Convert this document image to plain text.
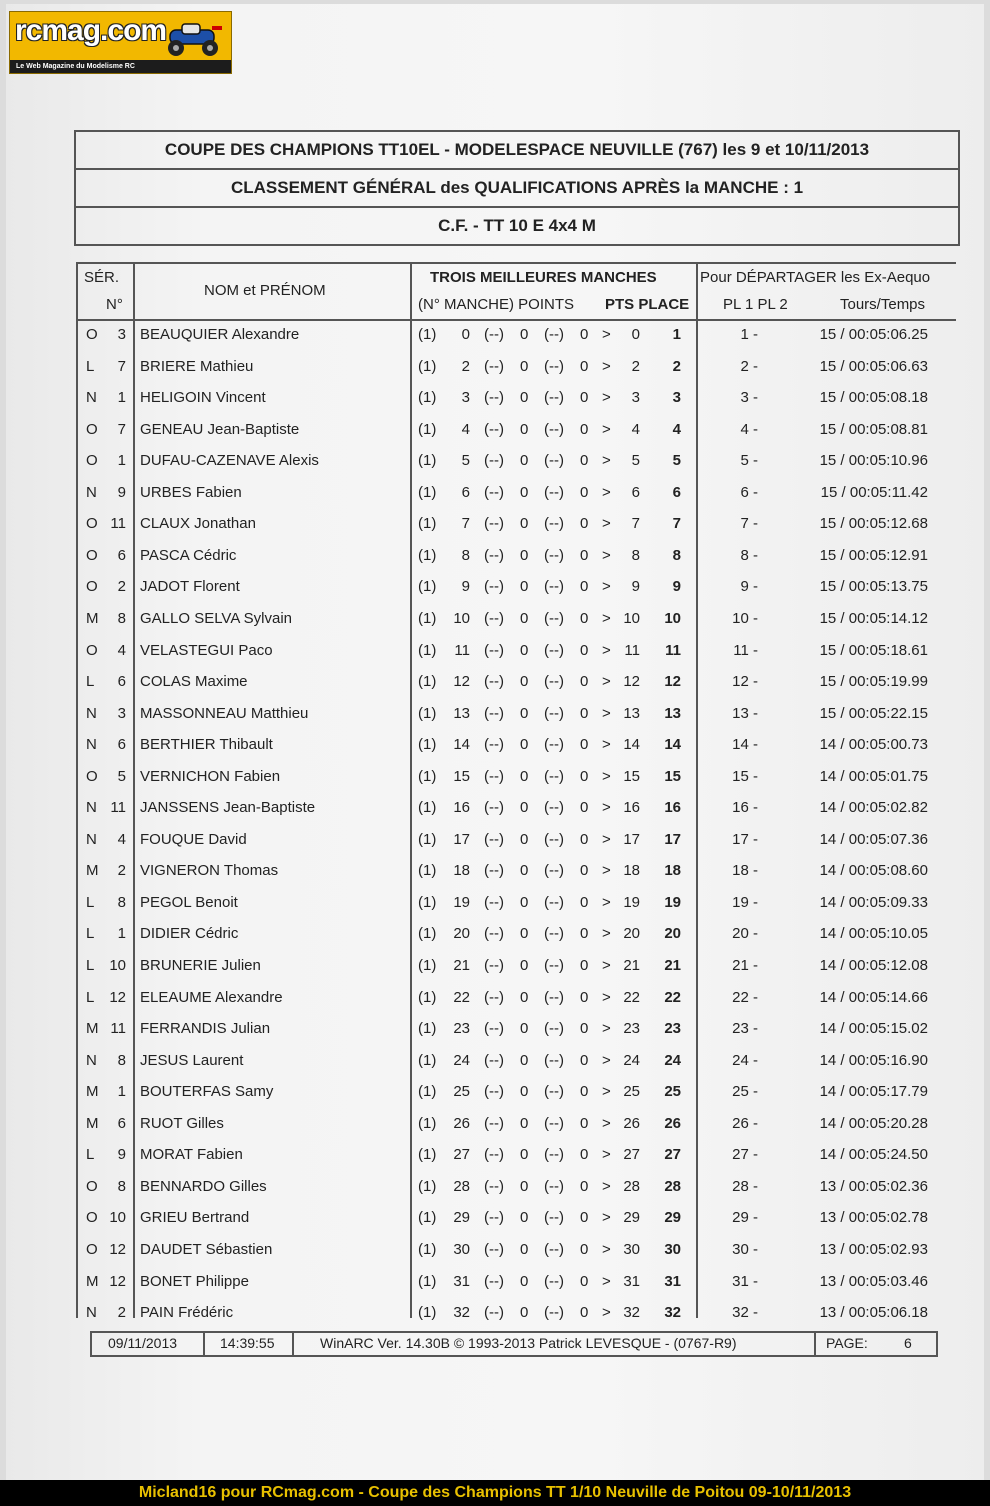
rcmag.com
Le Web Magazine du Modelisme RC
COUPE DES CHAMPIONS TT10EL - MODELESPACE NEUVILLE (767) les 9 et 10/11/2013
CLASSEMENT GÉNÉRAL des QUALIFICATIONS APRÈS la MANCHE : 1
C.F. - TT 10 E 4x4 M
SÉR.
N°
NOM et PRÉNOM
TROIS MEILLEURES MANCHES
(N° MANCHE) POINTS PTS PLACE
Pour DÉPARTAGER les Ex-Aequo
PL 1 PL 2	Tours/Temps
O	3 BEAUQUIER Alexandre	(1)	0 (--) 0 (--) 0 >	0	1	1 -	15 / 00:05:06.25
L	7 BRIERE Mathieu	(1)	2 (--) 0 (--) 0 >	2	2	2 -	15 / 00:05:06.63
N	1 HELIGOIN Vincent	(1)	3 (--) 0 (--) 0 >	3	3	3 -	15 / 00:05:08.18
O	7 GENEAU Jean-Baptiste	(1)	4 (--) 0 (--) 0 >	4	4	4 -	15 / 00:05:08.81
O	1 DUFAU-CAZENAVE Alexis	(1)	5 (--) 0 (--) 0 >	5	5	5 -	15 / 00:05:10.96
N	9 URBES Fabien	(1)	6 (--) 0 (--) 0 >	6	6	6 -	15 / 00:05:11.42
O 11 CLAUX Jonathan	(1)	7 (--) 0 (--) 0 >	7	7	7 -	15 / 00:05:12.68
O	6 PASCA Cédric	(1)	8 (--) 0 (--) 0 >	8	8	8 -	15 / 00:05:12.91
O	2 JADOT Florent	(1)	9 (--) 0 (--) 0 >	9	9	9 -	15 / 00:05:13.75
M	8 GALLO SELVA Sylvain	(1) 10 (--) 0 (--) 0 > 10	10	10 -	15 / 00:05:14.12
O	4 VELASTEGUI Paco	(1) 11 (--) 0 (--) 0 > 11	11	11 -	15 / 00:05:18.61
L	6 COLAS Maxime	(1) 12 (--) 0 (--) 0 > 12	12	12 -	15 / 00:05:19.99
N	3 MASSONNEAU Matthieu	(1) 13 (--) 0 (--) 0 > 13	13	13 -	15 / 00:05:22.15
N	6 BERTHIER Thibault	(1) 14 (--) 0 (--) 0 > 14	14	14 -	14 / 00:05:00.73
O	5 VERNICHON Fabien	(1) 15 (--) 0 (--) 0 > 15	15	15 -	14 / 00:05:01.75
N 11 JANSSENS Jean-Baptiste	(1) 16 (--) 0 (--) 0 > 16	16	16 -	14 / 00:05:02.82
N	4 FOUQUE David	(1) 17 (--) 0 (--) 0 > 17	17	17 -	14 / 00:05:07.36
M	2 VIGNERON Thomas	(1) 18 (--) 0 (--) 0 > 18	18	18 -	14 / 00:05:08.60
L	8 PEGOL Benoit	(1) 19 (--) 0 (--) 0 > 19	19	19 -	14 / 00:05:09.33
L	1 DIDIER Cédric	(1) 20 (--) 0 (--) 0 > 20	20	20 -	14 / 00:05:10.05
L 10 BRUNERIE Julien	(1) 21 (--) 0 (--) 0 > 21	21	21 -	14 / 00:05:12.08
L 12 ELEAUME Alexandre	(1) 22 (--) 0 (--) 0 > 22	22	22 -	14 / 00:05:14.66
M 11 FERRANDIS Julian	(1) 23 (--) 0 (--) 0 > 23	23	23 -	14 / 00:05:15.02
N	8 JESUS Laurent	(1) 24 (--) 0 (--) 0 > 24	24	24 -	14 / 00:05:16.90
M	1 BOUTERFAS Samy	(1) 25 (--) 0 (--) 0 > 25	25	25 -	14 / 00:05:17.79
M	6 RUOT Gilles	(1) 26 (--) 0 (--) 0 > 26	26	26 -	14 / 00:05:20.28
L	9 MORAT Fabien	(1) 27 (--) 0 (--) 0 > 27	27	27 -	14 / 00:05:24.50
O	8 BENNARDO Gilles	(1) 28 (--) 0 (--) 0 > 28	28	28 -	13 / 00:05:02.36
O 10 GRIEU Bertrand	(1) 29 (--) 0 (--) 0 > 29	29	29 -	13 / 00:05:02.78
O 12 DAUDET Sébastien	(1) 30 (--) 0 (--) 0 > 30	30	30 -	13 / 00:05:02.93
M 12 BONET Philippe	(1) 31 (--) 0 (--) 0 > 31	31	31 -	13 / 00:05:03.46
N	2 PAIN Frédéric	(1) 32 (--) 0 (--) 0 > 32	32	32 -	13 / 00:05:06.18
09/11/2013	14:39:55	WinARC Ver. 14.30B © 1993-2013 Patrick LEVESQUE - (0767-R9)	PAGE:	6
Micland16 pour RCmag.com - Coupe des Champions TT 1/10 Neuville de Poitou 09-10/11/2013
